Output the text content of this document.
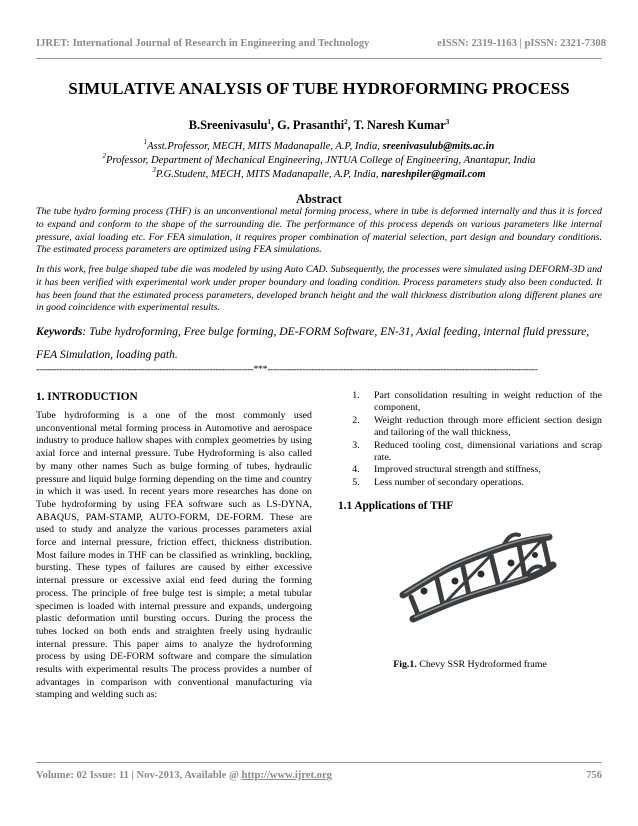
IJRET: International Journal of Research in Engineering and Technology	eISSN: 2319-1163 | pISSN: 2321-7308
SIMULATIVE ANALYSIS OF TUBE HYDROFORMING PROCESS
B.Sreenivasulu$^1$, G. Prasanthi$^2$, T. Naresh Kumar$^3$
$^1$Asst.Professor, MECH, MITS Madanapalle, A.P, India, sreenivasulub@mits.ac.in
$^2$Professor, Department of Mechanical Engineering, JNTUA College of Engineering, Anantapur, India
$^3$P.G.Student, MECH, MITS Madanapalle, A.P, India, nareshpiler@gmail.com
Abstract
The tube hydro forming process (THF) is an unconventional metal forming process, where in tube is deformed internally and thus it is forced to expand and conform to the shape of the surrounding die. The performance of this process depends on various parameters like internal pressure, axial loading etc. For FEA simulation, it requires proper combination of material selection, part design and boundary conditions. The estimated process parameters are optimized using FEA simulations.
In this work, free bulge shaped tube die was modeled by using Auto CAD. Subsequently, the processes were simulated using DEFORM-3D and it has been verified with experimental work under proper boundary and loading condition. Process parameters study also been conducted. It has been found that the estimated process parameters, developed branch height and the wall thickness distribution along different planes are in good coincidence with experimental results.
Keywords: Tube hydroforming, Free bulge forming, DE-FORM Software, EN-31, Axial feeding, internal fluid pressure, FEA Simulation, loading path.
--------------------------------------------------------------------------***--------------------------------------------------------------------------------------------
1. INTRODUCTION
Tube hydroforming is a one of the most commonly used unconventional metal forming process in Automotive and aerospace industry to produce hallow shapes with complex geometries by using axial force and internal pressure. Tube Hydroforming is also called by many other names Such as bulge forming of tubes, hydraulic pressure and liquid bulge forming depending on the time and country in which it was used. In recent years more researches has done on Tube hydroforming by using FEA software such as LS-DYNA, ABAQUS, PAM-STAMP, AUTO-FORM, DE-FORM. These are used to study and analyze the various processes parameters axial force and internal pressure, friction effect, thickness distribution. Most failure modes in THF can be classified as wrinkling, buckling, bursting. These types of failures are caused by either excessive internal pressure or excessive axial end feed during the forming process. The principle of free bulge test is simple; a metal tubular specimen is loaded with internal pressure and expands, undergoing plastic deformation until bursting occurs. During the process the tubes locked on both ends and straighten freely using hydraulic internal pressure. This paper aims to analyze the hydroforming process by using DE-FORM software and compare the simulation results with experimental results The process provides a number of advantages in comparison with conventional manufacturing via stamping and welding such as:
1.	Part consolidation resulting in weight reduction of the component,
2.	Weight reduction through more efficient section design and tailoring of the wall thickness,
3.	Reduced tooling cost, dimensional variations and scrap rate.
4.	Improved structural strength and stiffness,
5.	Less number of secondary operations.
1.1 Applications of THF
Fig.1. Chevy SSR Hydroformed frame
Volume: 02 Issue: 11 | Nov-2013, Available @ http://www.ijret.org	756
